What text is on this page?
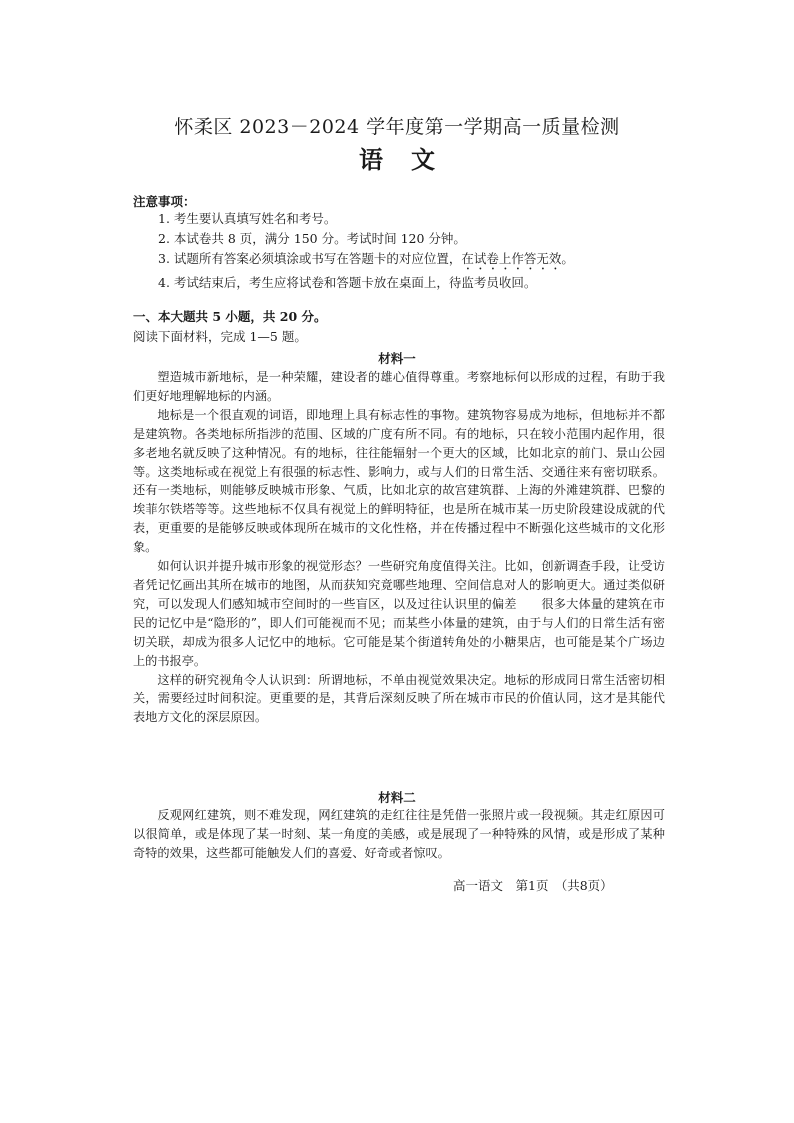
怀柔区 2023－2024 学年度第一学期高一质量检测
语文
注意事项：
1. 考生要认真填写姓名和考号。
2. 本试卷共 8 页，满分 150 分。考试时间 120 分钟。
3. 试题所有答案必须填涂或书写在答题卡的对应位置，在试卷上作答无效。
4. 考试结束后，考生应将试卷和答题卡放在桌面上，待监考员收回。
一、本大题共 5 小题，共 20 分。
阅读下面材料，完成 1—5 题。
材料一

塑造城市新地标，是一种荣耀，建设者的雄心值得尊重。考察地标何以形成的过程，有助于我们更好地理解地标的内涵。

地标是一个很直观的词语，即地理上具有标志性的事物。建筑物容易成为地标，但地标并不都是建筑物。各类地标所指涉的范围、区域的广度有所不同。有的地标，只在较小范围内起作用，很多老地名就反映了这种情况。有的地标，往往能辐射一个更大的区域，比如北京的前门、景山公园等。这类地标或在视觉上有很强的标志性、影响力，或与人们的日常生活、交通往来有密切联系。还有一类地标，则能够反映城市形象、气质，比如北京的故宫建筑群、上海的外滩建筑群、巴黎的埃菲尔铁塔等等。这些地标不仅具有视觉上的鲜明特征，也是所在城市某一历史阶段建设成就的代表，更重要的是能够反映或体现所在城市的文化性格，并在传播过程中不断强化这些城市的文化形象。

如何认识并提升城市形象的视觉形态？一些研究角度值得关注。比如，创新调查手段，让受访者凭记忆画出其所在城市的地图，从而获知究竟哪些地理、空间信息对人的影响更大。通过类似研究，可以发现人们感知城市空间时的一些盲区，以及过往认识里的偏差　　很多大体量的建筑在市民的记忆中是“隐形的”，即人们可能视而不见；而某些小体量的建筑，由于与人们的日常生活有密切关联，却成为很多人记忆中的地标。它可能是某个街道转角处的小糖果店，也可能是某个广场边上的书报亭。

这样的研究视角令人认识到：所谓地标，不单由视觉效果决定。地标的形成同日常生活密切相关，需要经过时间积淀。更重要的是，其背后深刻反映了所在城市市民的价值认同，这才是其能代表地方文化的深层原因。

材料二

反观网红建筑，则不难发现，网红建筑的走红往往是凭借一张照片或一段视频。其走红原因可以很简单，或是体现了某一时刻、某一角度的美感，或是展现了一种特殊的风情，或是形成了某种奇特的效果，这些都可能触发人们的喜爱、好奇或者惊叹。

高一语文　第1页　（共8页）
